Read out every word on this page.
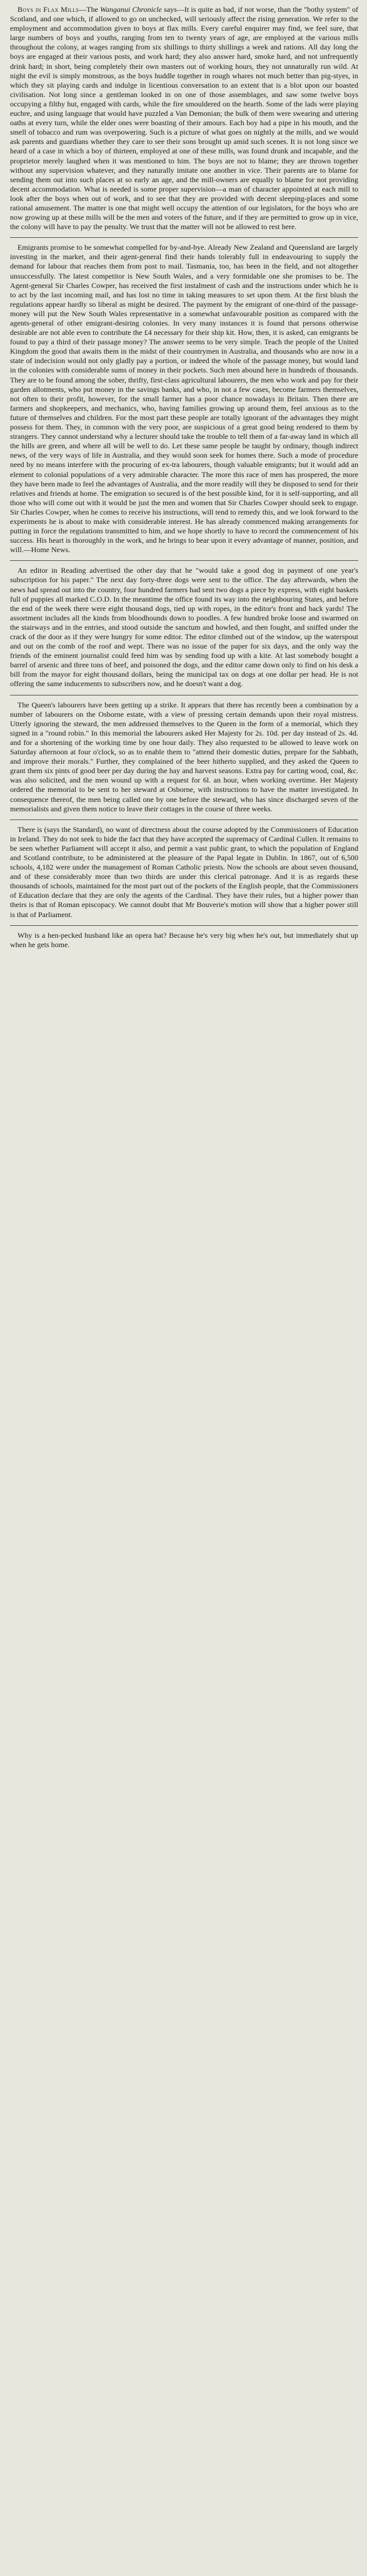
Boys in Flax Mills—The Wanganui Chronicle says—It is quite as bad, if not worse, than the "bothy system" of Scotland, and one which, if allowed to go on unchecked, will seriously affect the rising generation. We refer to the employment and accommodation given to boys at flax mills. Every careful enquirer may find, we feel sure, that large numbers of boys and youths, ranging from ten to twenty years of age, are employed at the various mills throughout the colony, at wages ranging from six shillings to thirty shillings a week and rations. All day long the boys are engaged at their various posts, and work hard; they also answer hard, smoke hard, and not unfrequently drink hard; in short, being completely their own masters out of working hours, they not unnaturally run wild. At night the evil is simply monstrous, as the boys huddle together in rough whares not much better than pig-styes, in which they sit playing cards and indulge in licentious conversation to an extent that is a blot upon our boasted civilisation. Not long since a gentleman looked in on one of those assemblages, and saw some twelve boys occupying a filthy hut, engaged with cards, while the fire smouldered on the hearth. Some of the lads were playing euchre, and using language that would have puzzled a Van Demonian; the bulk of them were swearing and uttering oaths at every turn, while the elder ones were boasting of their amours. Each boy had a pipe in his mouth, and the smell of tobacco and rum was overpowering. Such is a picture of what goes on nightly at the mills, and we would ask parents and guardians whether they care to see their sons brought up amid such scenes. It is not long since we heard of a case in which a boy of thirteen, employed at one of these mills, was found drunk and incapable, and the proprietor merely laughed when it was mentioned to him. The boys are not to blame; they are thrown together without any supervision whatever, and they naturally imitate one another in vice. Their parents are to blame for sending them out into such places at so early an age, and the mill-owners are equally to blame for not providing decent accommodation. What is needed is some proper supervision—a man of character appointed at each mill to look after the boys when out of work, and to see that they are provided with decent sleeping-places and some rational amusement. The matter is one that might well occupy the attention of our legislators, for the boys who are now growing up at these mills will be the men and voters of the future, and if they are permitted to grow up in vice, the colony will have to pay the penalty. We trust that the matter will not be allowed to rest here.

Emigrants promise to be somewhat compelled for by-and-bye. Already New Zealand and Queensland are largely investing in the market, and their agent-general find their hands tolerably full in endeavouring to supply the demand for labour that reaches them from post to mail. Tasmania, too, has been in the field, and not altogether unsuccessfully. The latest competitor is New South Wales, and a very formidable one she promises to be. The Agent-general Sir Charles Cowper, has received the first instalment of cash and the instructions under which he is to act by the last incoming mail, and has lost no time in taking measures to set upon them. At the first blush the regulations appear hardly so liberal as might be desired. The payment by the emigrant of one-third of the passage-money will put the New South Wales representative in a somewhat unfavourable position as compared with the agents-general of other emigrant-desiring colonies. In very many instances it is found that persons otherwise desirable are not able even to contribute the £4 necessary for their ship kit. How, then, it is asked, can emigrants be found to pay a third of their passage money? The answer seems to be very simple. Teach the people of the United Kingdom the good that awaits them in the midst of their countrymen in Australia, and thousands who are now in a state of indecision would not only gladly pay a portion, or indeed the whole of the passage money, but would land in the colonies with considerable sums of money in their pockets. Such men abound here in hundreds of thousands. They are to be found among the sober, thrifty, first-class agricultural labourers, the men who work and pay for their garden allotments, who put money in the savings banks, and who, in not a few cases, become farmers themselves, not often to their profit, however, for the small farmer has a poor chance nowadays in Britain. Then there are farmers and shopkeepers, and mechanics, who, having families growing up around them, feel anxious as to the future of themselves and children. For the most part these people are totally ignorant of the advantages they might possess for them. They, in common with the very poor, are suspicious of a great good being rendered to them by strangers. They cannot understand why a lecturer should take the trouble to tell them of a far-away land in which all the hills are green, and where all will be well to do. Let these same people be taught by ordinary, though indirect news, of the very ways of life in Australia, and they would soon seek for homes there. Such a mode of procedure need by no means interfere with the procuring of ex-tra labourers, though valuable emigrants; but it would add an element to colonial populations of a very admirable character. The more this race of men has prospered, the more they have been made to feel the advantages of Australia, and the more readily will they be disposed to send for their relatives and friends at home. The emigration so secured is of the best possible kind, for it is self-supporting, and all those who will come out with it would be just the men and women that Sir Charles Cowper should seek to engage. Sir Charles Cowper, when he comes to receive his instructions, will tend to remedy this, and we look forward to the experiments he is about to make with considerable interest. He has already commenced making arrangements for putting in force the regulations transmitted to him, and we hope shortly to have to record the commencement of his success. His heart is thoroughly in the work, and he brings to bear upon it every advantage of manner, position, and will.—Home News.

An editor in Reading advertised the other day that he "would take a good dog in payment of one year's subscription for his paper." The next day forty-three dogs were sent to the office. The day afterwards, when the news had spread out into the country, four hundred farmers had sent two dogs a piece by express, with eight baskets full of puppies all marked C.O.D. In the meantime the office found its way into the neighbouring States, and before the end of the week there were eight thousand dogs, tied up with ropes, in the editor's front and back yards! The assortment includes all the kinds from bloodhounds down to poodles. A few hundred broke loose and swarmed on the stairways and in the entries, and stood outside the sanctum and howled, and then fought, and sniffed under the crack of the door as if they were hungry for some editor. The editor climbed out of the window, up the waterspout and out on the comb of the roof and wept. There was no issue of the paper for six days, and the only way the friends of the eminent journalist could feed him was by sending food up with a kite. At last somebody bought a barrel of arsenic and three tons of beef, and poisoned the dogs, and the editor came down only to find on his desk a bill from the mayor for eight thousand dollars, being the municipal tax on dogs at one dollar per head. He is not offering the same inducements to subscribers now, and he doesn't want a dog.

The Queen's labourers have been getting up a strike. It appears that there has recently been a combination by a number of labourers on the Osborne estate, with a view of pressing certain demands upon their royal mistress. Utterly ignoring the steward, the men addressed themselves to the Queen in the form of a memorial, which they signed in a "round robin." In this memorial the labourers asked Her Majesty for 2s. 10d. per day instead of 2s. 4d. and for a shortening of the working time by one hour daily. They also requested to be allowed to leave work on Saturday afternoon at four o'clock, so as to enable them to "attend their domestic duties, prepare for the Sabbath, and improve their morals." Further, they complained of the beer hitherto supplied, and they asked the Queen to grant them six pints of good beer per day during the hay and harvest seasons. Extra pay for carting wood, coal, &c. was also solicited, and the men wound up with a request for 6l. an hour, when working overtime. Her Majesty ordered the memorial to be sent to her steward at Osborne, with instructions to have the matter investigated. In consequence thereof, the men being called one by one before the steward, who has since discharged seven of the memorialists and given them notice to leave their cottages in the course of three weeks.

There is (says the Standard), no want of directness about the course adopted by the Commissioners of Education in Ireland. They do not seek to hide the fact that they have accepted the supremacy of Cardinal Cullen. It remains to be seen whether Parliament will accept it also, and permit a vast public grant, to which the population of England and Scotland contribute, to be administered at the pleasure of the Papal legate in Dublin. In 1867, out of 6,500 schools, 4,182 were under the management of Roman Catholic priests. Now the schools are about seven thousand, and of these considerably more than two thirds are under this clerical patronage. And it is as regards these thousands of schools, maintained for the most part out of the pockets of the English people, that the Commissioners of Education declare that they are only the agents of the Cardinal. They have their rules, but a higher power than theirs is that of Roman episcopacy. We cannot doubt that Mr Bouverie's motion will show that a higher power still is that of Parliament.

Why is a hen-pecked husband like an opera hat? Because he's very big when he's out, but immediately shut up when he gets home.
